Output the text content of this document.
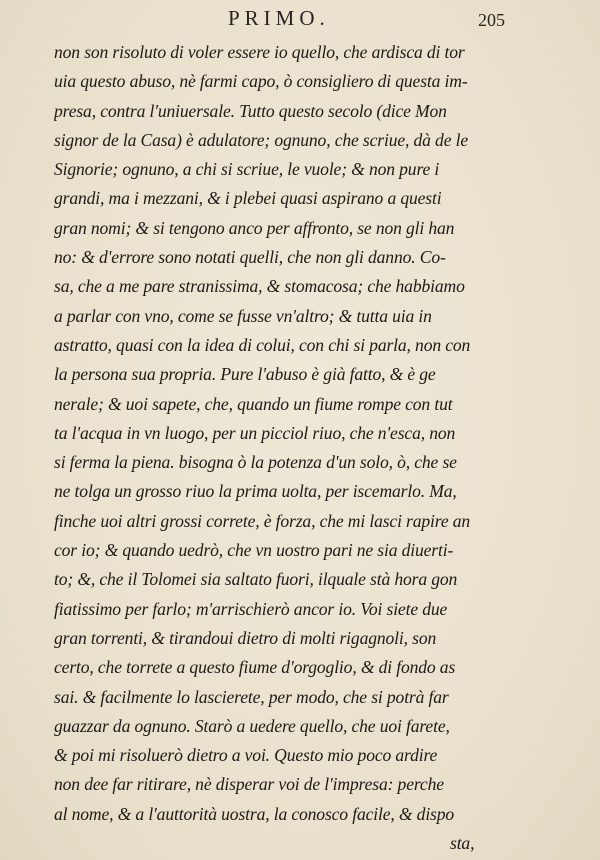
PRIMO.	205
non son risoluto di voler essere io quello, che ardisca di tor
uia questo abuso, nè farmi capo, ò consigliero di questa im-
presa, contra l'uniuersale. Tutto questo secolo (dice Mon
signor de la Casa) è adulatore; ognuno, che scriue, dà de le
Signorie; ognuno, a chi si scriue, le vuole; & non pure i
grandi, ma i mezzani, & i plebei quasi aspirano a questi
gran nomi; & si tengono anco per affronto, se non gli han
no: & d'errore sono notati quelli, che non gli danno. Co-
sa, che a me pare stranissima, & stomacosa; che habbiamo
a parlar con vno, come se fusse vn'altro; & tutta uia in
astratto, quasi con la idea di colui, con chi si parla, non con
la persona sua propria. Pure l'abuso è già fatto, & è ge
nerale; & uoi sapete, che, quando un fiume rompe con tut
ta l'acqua in vn luogo, per un picciol riuo, che n'esca, non
si ferma la piena. bisogna ò la potenza d'un solo, ò, che se
ne tolga un grosso riuo la prima uolta, per iscemarlo. Ma,
finche uoi altri grossi correte, è forza, che mi lasci rapire an
cor io; & quando uedrò, che vn uostro pari ne sia diuerti-
to; &, che il Tolomei sia saltato fuori, ilquale stà hora gon
fiatissimo per farlo; m'arrischierò ancor io. Voi siete due
gran torrenti, & tirandoui dietro di molti rigagnoli, son
certo, che torrete a questo fiume d'orgoglio, & di fondo as
sai. & facilmente lo lascierete, per modo, che si potrà far
guazzar da ognuno. Starò a uedere quello, che uoi farete,
& poi mi risoluerò dietro a voi. Questo mio poco ardire
non dee far ritirare, nè disperar voi de l'impresa: perche
al nome, & a l'auttorità uostra, la conosco facile, & dispo
sta,
